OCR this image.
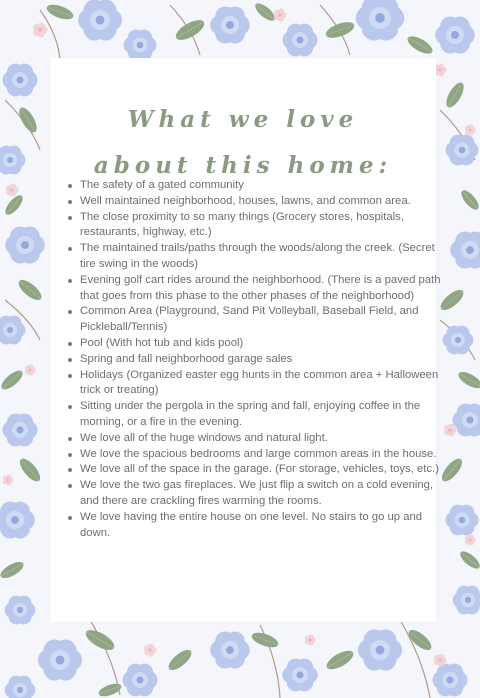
What we love
about this home:
The safety of a gated community
Well maintained neighborhood, houses, lawns, and common area.
The close proximity to so many things (Grocery stores, hospitals, restaurants, highway, etc.)
The maintained trails/paths through the woods/along the creek. (Secret tire swing in the woods)
Evening golf cart rides around the neighborhood. (There is a paved path that goes from this phase to the other phases of the neighborhood)
Common Area (Playground, Sand Pit Volleyball, Baseball Field, and Pickleball/Tennis)
Pool (With hot tub and kids pool)
Spring and fall neighborhood garage sales
Holidays (Organized easter egg hunts in the common area + Halloween trick or treating)
Sitting under the pergola in the spring and fall, enjoying coffee in the morning, or a fire in the evening.
We love all of the huge windows and natural light.
We love the spacious bedrooms and large common areas in the house.
We love all of the space in the garage. (For storage, vehicles, toys, etc.)
We love the two gas fireplaces. We just flip a switch on a cold evening, and there are crackling fires warming the rooms.
We love having the entire house on one level. No stairs to go up and down.
